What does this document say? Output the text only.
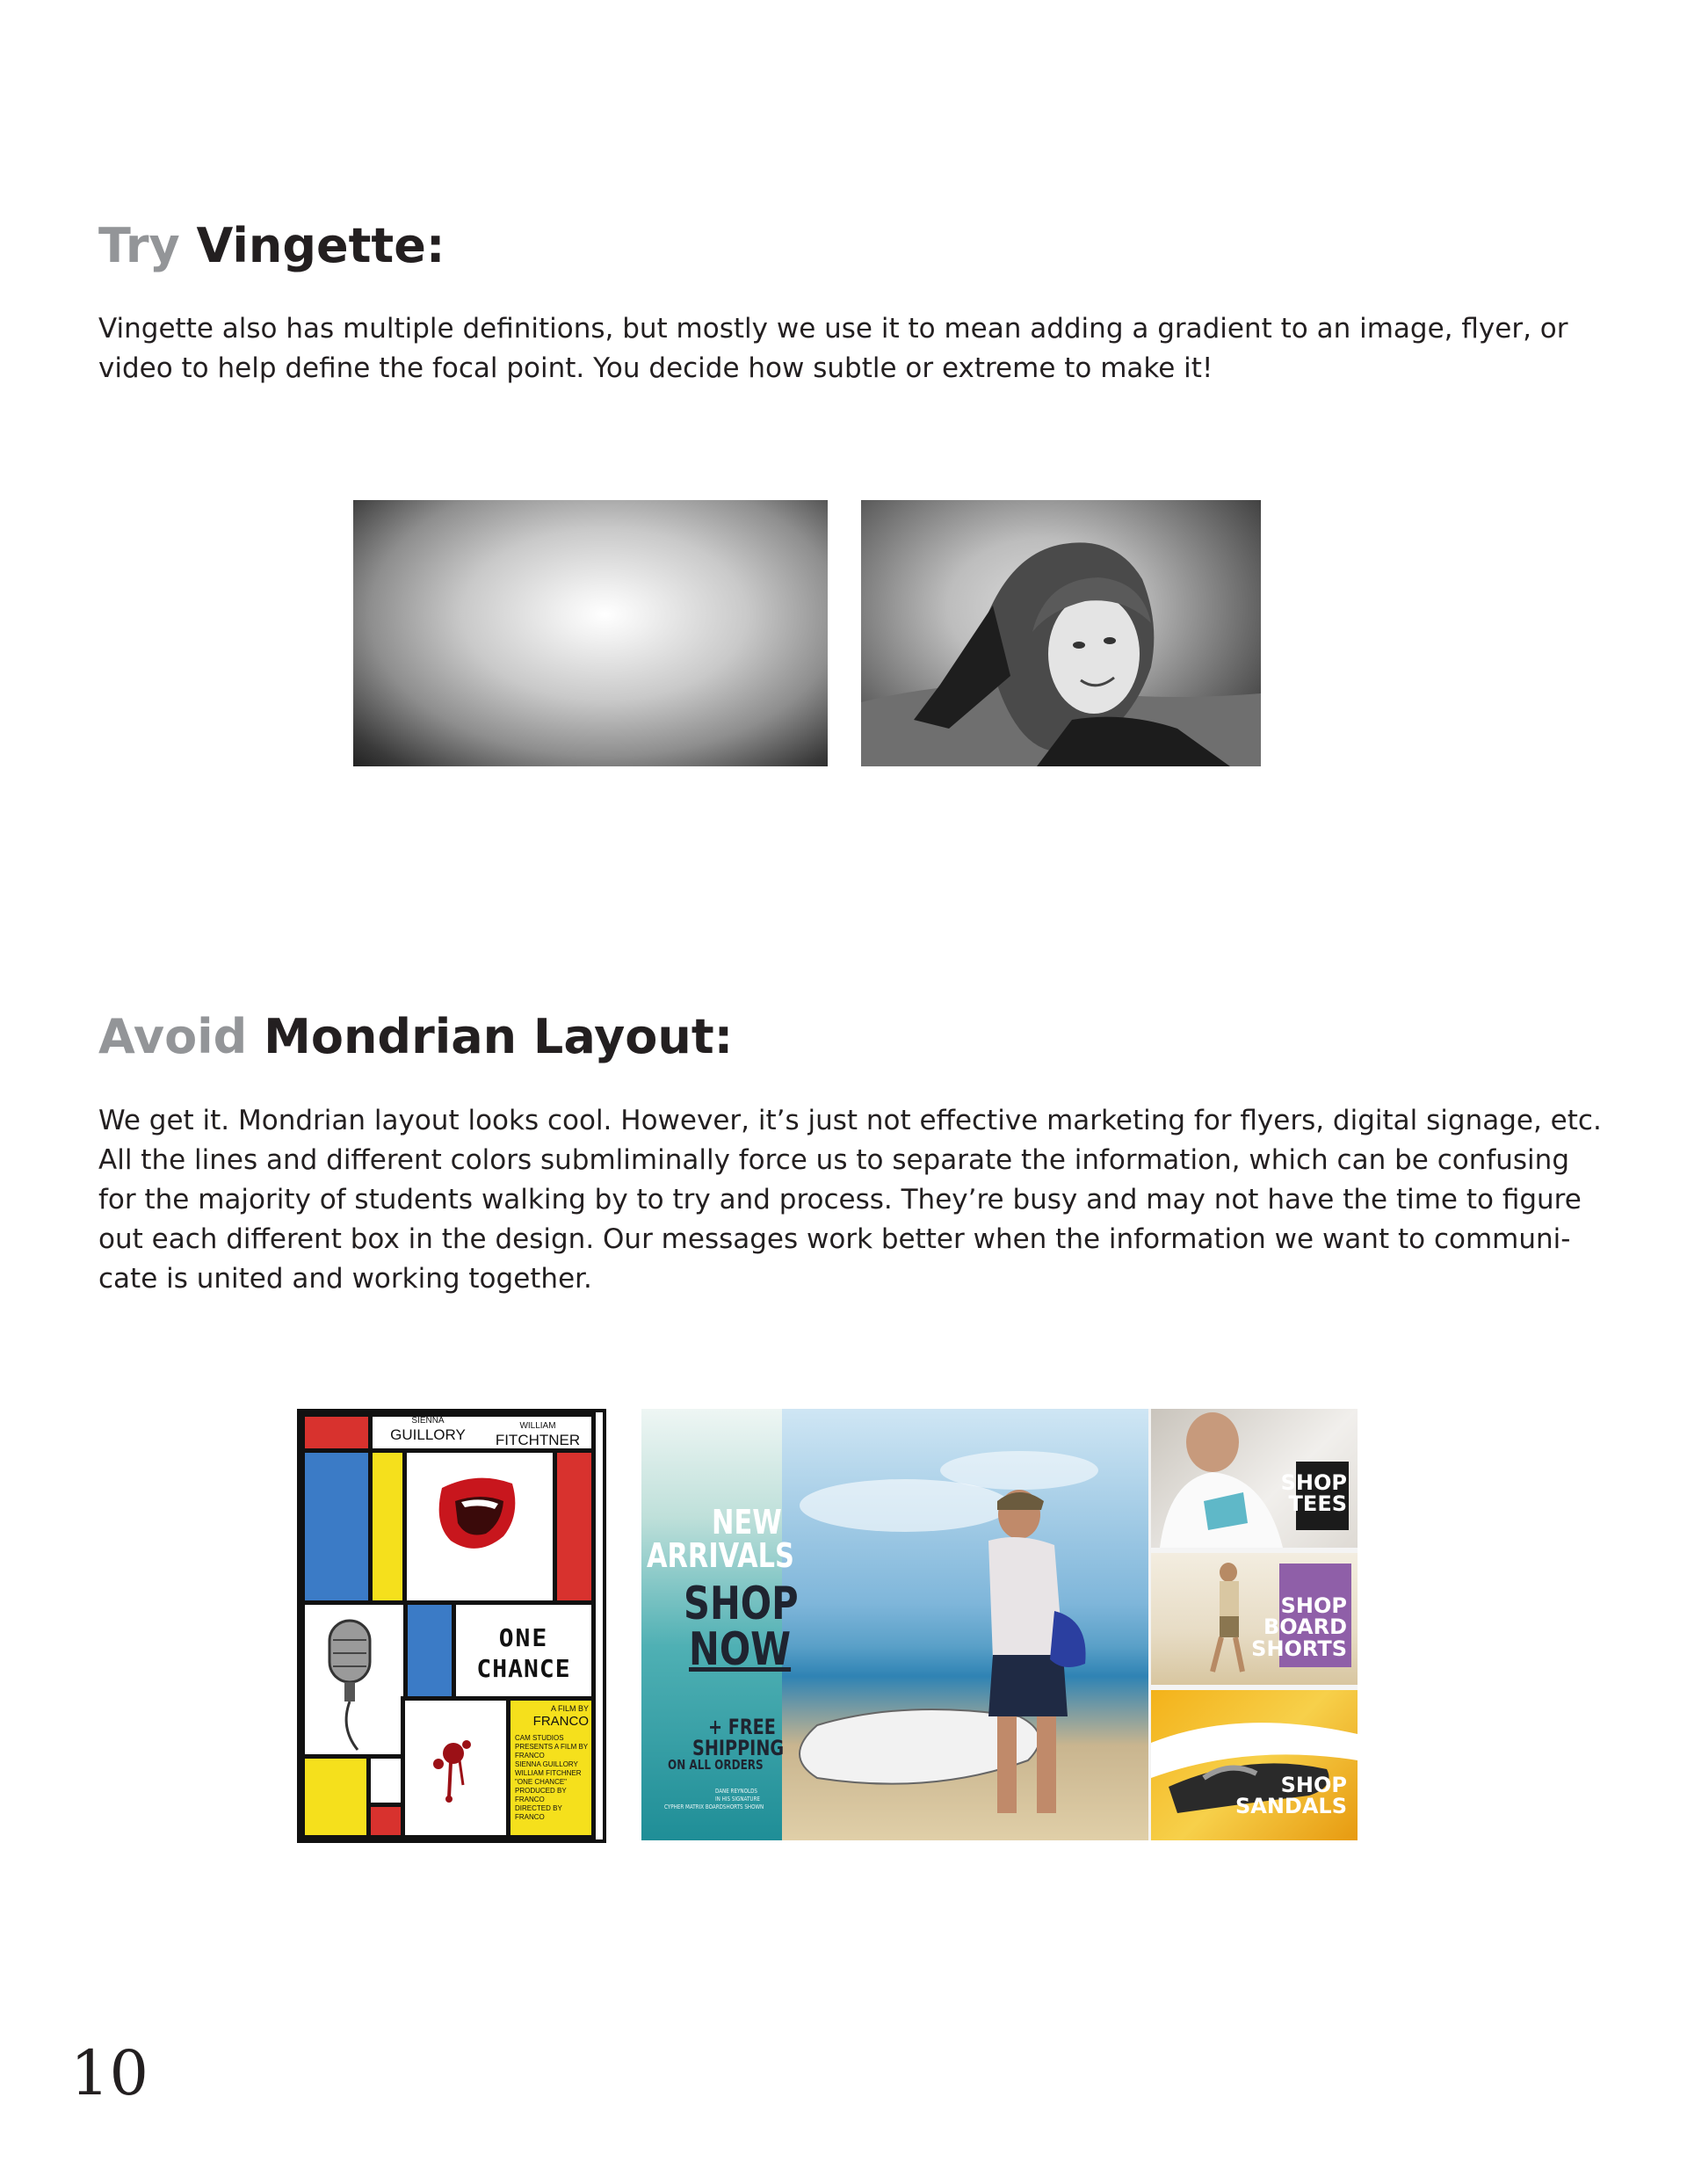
Try Vingette:

Vingette also has multiple definitions, but mostly we use it to mean adding a gradient to an image, flyer, or
video to help define the focal point. You decide how subtle or extreme to make it!

Avoid Mondrian Layout:

We get it. Mondrian layout looks cool. However, it’s just not effective marketing for flyers, digital signage, etc.
All the lines and different colors submliminally force us to separate the information, which can be confusing
for the majority of students walking by to try and process. They’re busy and may not have the time to figure
out each different box in the design. Our messages work better when the information we want to communi-
cate is united and working together.

SIENNA
GUILLORY
WILLIAM
FITCHTNER
ONE
CHANCE
A FILM BY
FRANCO
CAM STUDIOS
PRESENTS A FILM BY
FRANCO
SIENNA GUILLORY
WILLIAM FITCHNER
"ONE CHANCE"
PRODUCED BY
FRANCO
DIRECTED BY
FRANCO
NEW
ARRIVALS
SHOP
NOW
+ FREE
SHIPPING
ON ALL ORDERS
DANE REYNOLDS
IN HIS SIGNATURE
CYPHER MATRIX BOARDSHORTS SHOWN
SHOP
TEES
SHOP
BOARD
SHORTS
SHOP
SANDALS
10
